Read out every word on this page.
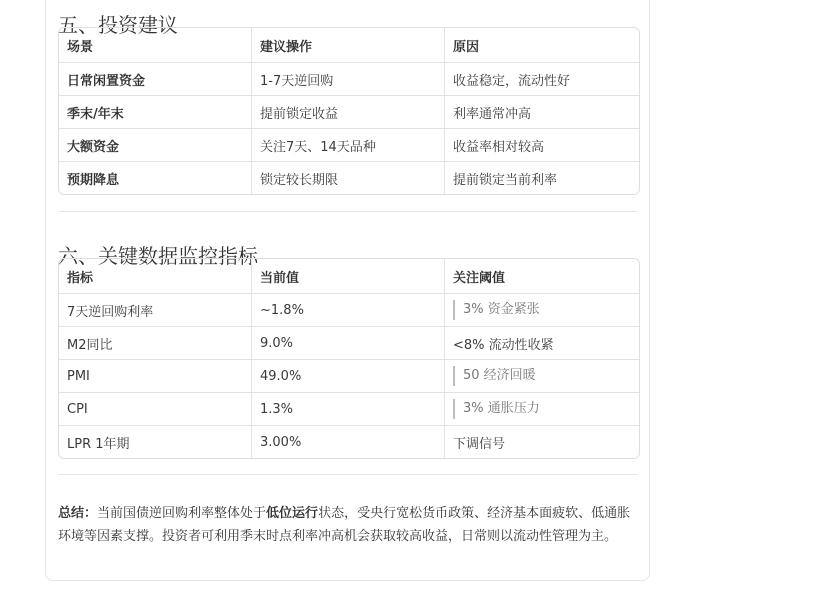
五、投资建议
场景	建议操作	原因
日常闲置资金	1-7天逆回购	收益稳定，流动性好
季末/年末	提前锁定收益	利率通常冲高
大额资金	关注7天、14天品种	收益率相对较高
预期降息	锁定较长期限	提前锁定当前利率
六、关键数据监控指标
指标	当前值	关注阈值
7天逆回购利率	~1.8%	3% 资金紧张
M2同比	9.0%	<8% 流动性收紧
PMI	49.0%	50 经济回暖
CPI	1.3%	3% 通胀压力
LPR 1年期	3.00%	下调信号

总结：当前国债逆回购利率整体处于低位运行状态，受央行宽松货币政策、经济基本面疲软、低通胀环境等因素支撑。投资者可利用季末时点利率冲高机会获取较高收益，日常则以流动性管理为主。
